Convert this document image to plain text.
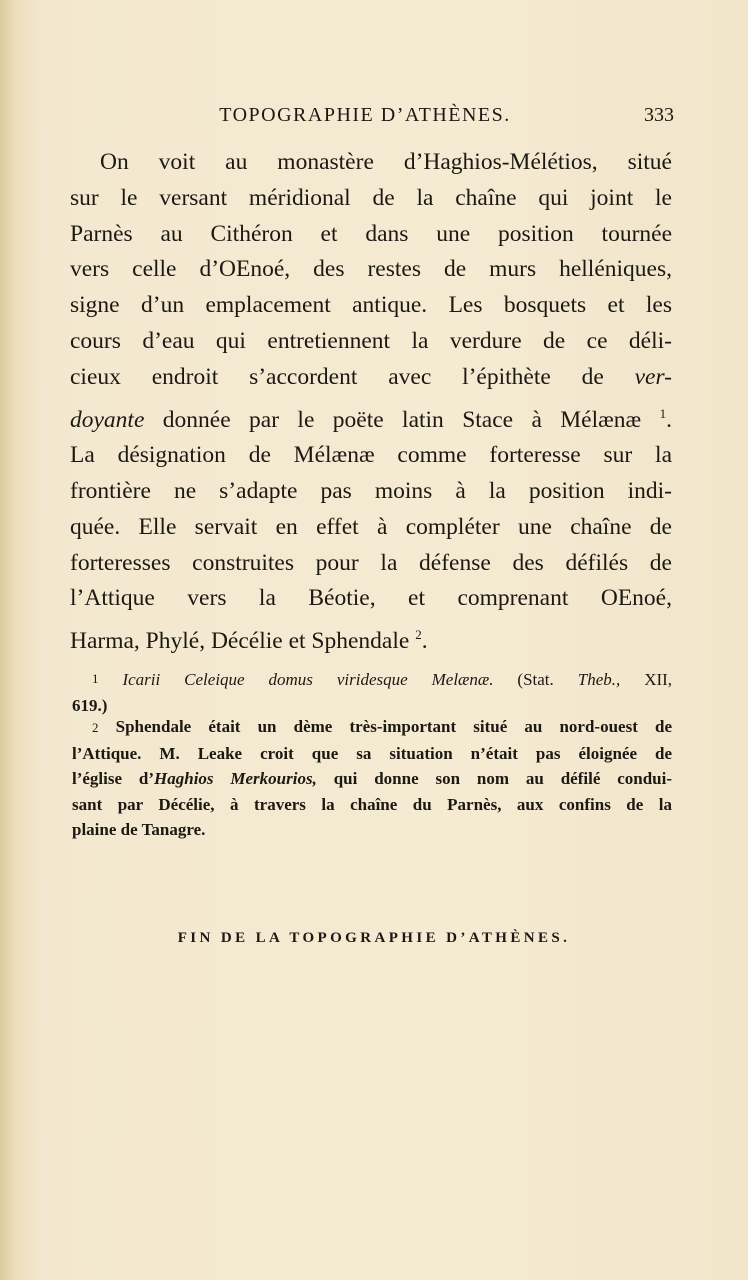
TOPOGRAPHIE D’ATHÈNES.	333
On voit au monastère d’Haghios-Mélétios, situé
sur le versant méridional de la chaîne qui joint le
Parnès au Cithéron et dans une position tournée
vers celle d’OEnoé, des restes de murs helléniques,
signe d’un emplacement antique. Les bosquets et les
cours d’eau qui entretiennent la verdure de ce déli-
cieux endroit s’accordent avec l’épithète de ver-
doyante donnée par le poëte latin Stace à Mélænæ $^1$.
La désignation de Mélænæ comme forteresse sur la
frontière ne s’adapte pas moins à la position indi-
quée. Elle servait en effet à compléter une chaîne de
forteresses construites pour la défense des défilés de
l’Attique vers la Béotie, et comprenant OEnoé,
Harma, Phylé, Décélie et Sphendale $^2$.
1 Icarii Celeique domus viridesque Melænæ. (Stat. Theb., XII,
619.)
2 Sphendale était un dème très-important situé au nord-ouest de
l’Attique. M. Leake croit que sa situation n’était pas éloignée de
l’église d’Haghios Merkourios, qui donne son nom au défilé condui-
sant par Décélie, à travers la chaîne du Parnès, aux confins de la
plaine de Tanagre.
FIN DE LA TOPOGRAPHIE D’ATHÈNES.
